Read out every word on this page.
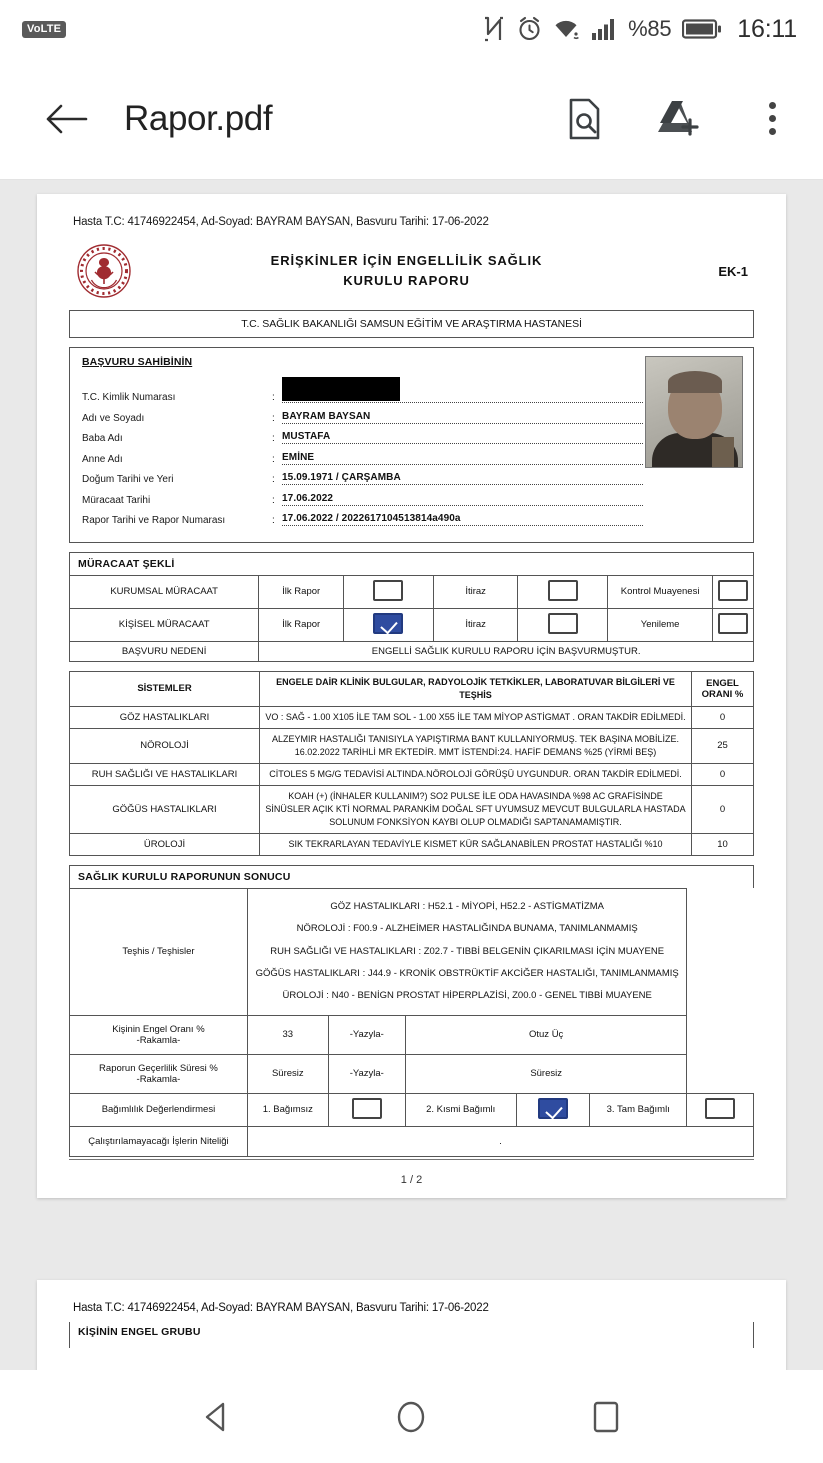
VoLTE	%85	16:11
Rapor.pdf
Hasta T.C: 41746922454, Ad-Soyad: BAYRAM BAYSAN, Basvuru Tarihi: 17-06-2022
ERİŞKİNLER İÇİN ENGELLİLİK SAĞLIK
KURULU RAPORU
EK-1
T.C. SAĞLIK BAKANLIĞI SAMSUN EĞİTİM VE ARAŞTIRMA HASTANESİ
BAŞVURU SAHİBİNİN
T.C. Kimlik Numarası	:
Adı ve Soyadı	: BAYRAM BAYSAN
Baba Adı	: MUSTAFA
Anne Adı	: EMİNE
Doğum Tarihi ve Yeri	: 15.09.1971 / ÇARŞAMBA
Müracaat Tarihi	: 17.06.2022
Rapor Tarihi ve Rapor Numarası	: 17.06.2022 / 2022617104513814a490a
MÜRACAAT ŞEKLİ
KURUMSAL MÜRACAAT	İlk Rapor		İtiraz		Kontrol Muayenesi	
KİŞİSEL MÜRACAAT	İlk Rapor		İtiraz		Yenileme	
BAŞVURU NEDENİ	ENGELLİ SAĞLIK KURULU RAPORU İÇİN BAŞVURMUŞTUR.					
SİSTEMLER	ENGELE DAİR KLİNİK BULGULAR, RADYOLOJİK TETKİKLER, LABORATUVAR BİLGİLERİ VE TEŞHİS	ENGEL ORANI %
GÖZ HASTALIKLARI	VO : SAĞ - 1.00 X105 İLE TAM SOL - 1.00 X55 İLE TAM MİYOP ASTİGMAT . ORAN TAKDİR EDİLMEDİ.	0
NÖROLOJİ	ALZEYMIR HASTALIĞI TANISIYLA YAPIŞTIRMA BANT KULLANIYORMUŞ. TEK BAŞINA MOBİLİZE. 16.02.2022 TARİHLİ MR EKTEDİR. MMT İSTENDİ:24. HAFİF DEMANS %25 (YİRMİ BEŞ)	25
RUH SAĞLIĞI VE HASTALIKLARI	CİTOLES 5 MG/G TEDAVİSİ ALTINDA.NÖROLOJİ GÖRÜŞÜ UYGUNDUR. ORAN TAKDİR EDİLMEDİ.	0
GÖĞÜS HASTALIKLARI	KOAH (+) (İNHALER KULLANIM?) SO2 PULSE İLE ODA HAVASINDA %98 AC GRAFİSİNDE SİNÜSLER AÇIK KTİ NORMAL PARANKİM DOĞAL SFT UYUMSUZ MEVCUT BULGULARLA HASTADA SOLUNUM FONKSİYON KAYBI OLUP OLMADIĞI SAPTANAMAMIŞTIR.	0
ÜROLOJİ	SIK TEKRARLAYAN TEDAVİYLE KISMET KÜR SAĞLANABİLEN PROSTAT HASTALIĞI %10	10
SAĞLIK KURULU RAPORUNUN SONUCU
Teşhis / Teşhisler	GÖZ HASTALIKLARI : H52.1 - MİYOPİ, H52.2 - ASTİGMATİZMA
NÖROLOJİ : F00.9 - ALZHEİMER HASTALIĞINDA BUNAMA, TANIMLANMAMIŞ
RUH SAĞLIĞI VE HASTALIKLARI : Z02.7 - TIBBİ BELGENİN ÇIKARILMASI İÇİN MUAYENE
GÖĞÜS HASTALIKLARI : J44.9 - KRONİK OBSTRÜKTİF AKCİĞER HASTALIĞI, TANIMLANMAMIŞ
ÜROLOJİ : N40 - BENİGN PROSTAT HİPERPLAZİSİ, Z00.0 - GENEL TIBBİ MUAYENE					

Kişinin Engel Oranı %
-Rakamla-	33	-Yazyla-	Otuz Üç			

Raporun Geçerlilik Süresi %
-Rakamla-	Süresiz	-Yazyla-	Süresiz			
Bağımlılık Değerlendirmesi	1. Bağımsız		2. Kısmi Bağımlı		3. Tam Bağımlı	
Çalıştırılamayacağı İşlerin Niteliği	.					
1 / 2
Hasta T.C: 41746922454, Ad-Soyad: BAYRAM BAYSAN, Basvuru Tarihi: 17-06-2022
KİŞİNİN ENGEL GRUBU
